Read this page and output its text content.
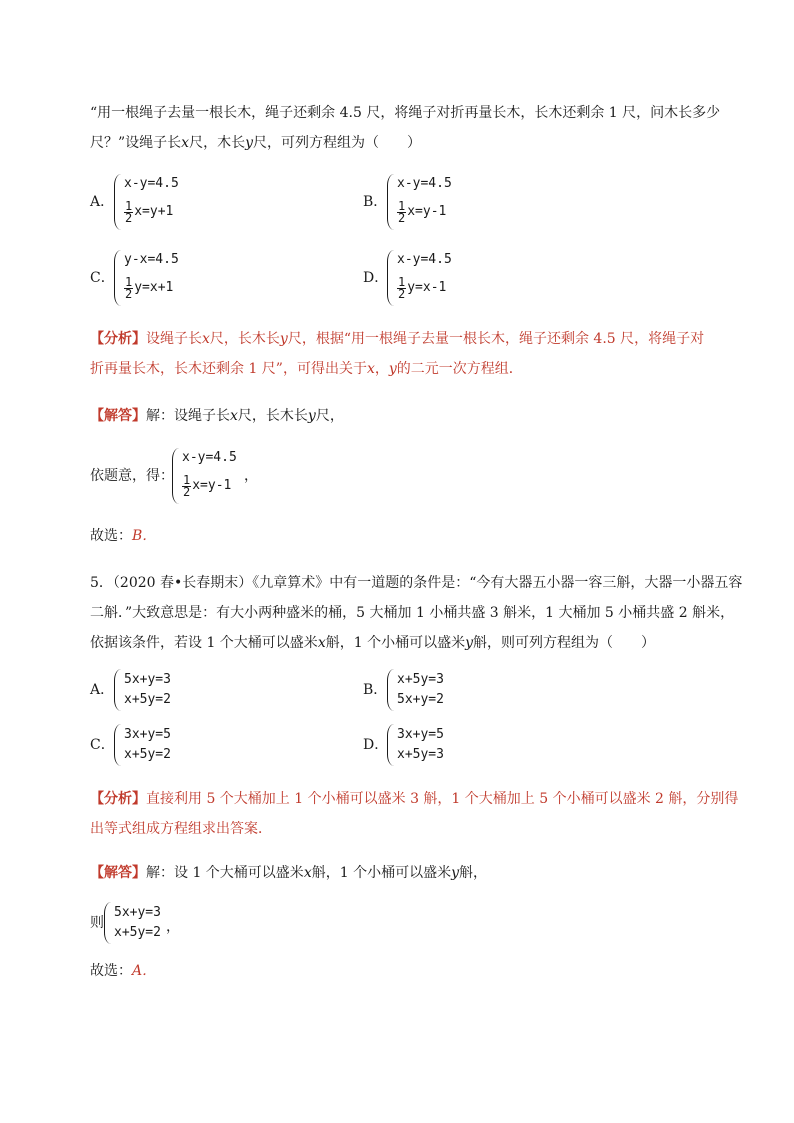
“用一根绳子去量一根长木，绳子还剩余 4.5 尺，将绳子对折再量长木，长木还剩余 1 尺，问木长多少
尺？”设绳子长x尺，木长y尺，可列方程组为（　　）
A．
x-y=4.5
$\frac{1}{2} x=y+1$
B．
x-y=4.5
$\frac{1}{2} x=y-1$
C．
y-x=4.5
$\frac{1}{2} y=x+1$
D．
x-y=4.5
$\frac{1}{2} y=x-1$
【分析】设绳子长x尺，长木长y尺，根据“用一根绳子去量一根长木，绳子还剩余 4.5 尺，将绳子对
折再量长木，长木还剩余 1 尺”，可得出关于x，y的二元一次方程组．
【解答】解：设绳子长x尺，长木长y尺，
依题意，得：
x-y=4.5
$\frac{1}{2} x=y-1$
，
故选：B．
5．（2020 春•长春期末）《九章算术》中有一道题的条件是：“今有大器五小器一容三斛，大器一小器五容
二斛．”大致意思是：有大小两种盛米的桶，5 大桶加 1 小桶共盛 3 斛米，1 大桶加 5 小桶共盛 2 斛米，
依据该条件，若设 1 个大桶可以盛米x斛，1 个小桶可以盛米y斛，则可列方程组为（　　）
A．
5x+y=3
x+5y=2
B．
x+5y=3
5x+y=2
C．
3x+y=5
x+5y=2
D．
3x+y=5
x+5y=3
【分析】直接利用 5 个大桶加上 1 个小桶可以盛米 3 斛，1 个大桶加上 5 个小桶可以盛米 2 斛，分别得
出等式组成方程组求出答案．
【解答】解：设 1 个大桶可以盛米x斛，1 个小桶可以盛米y斛，
则
5x+y=3
x+5y=2 ，
故选：A．
